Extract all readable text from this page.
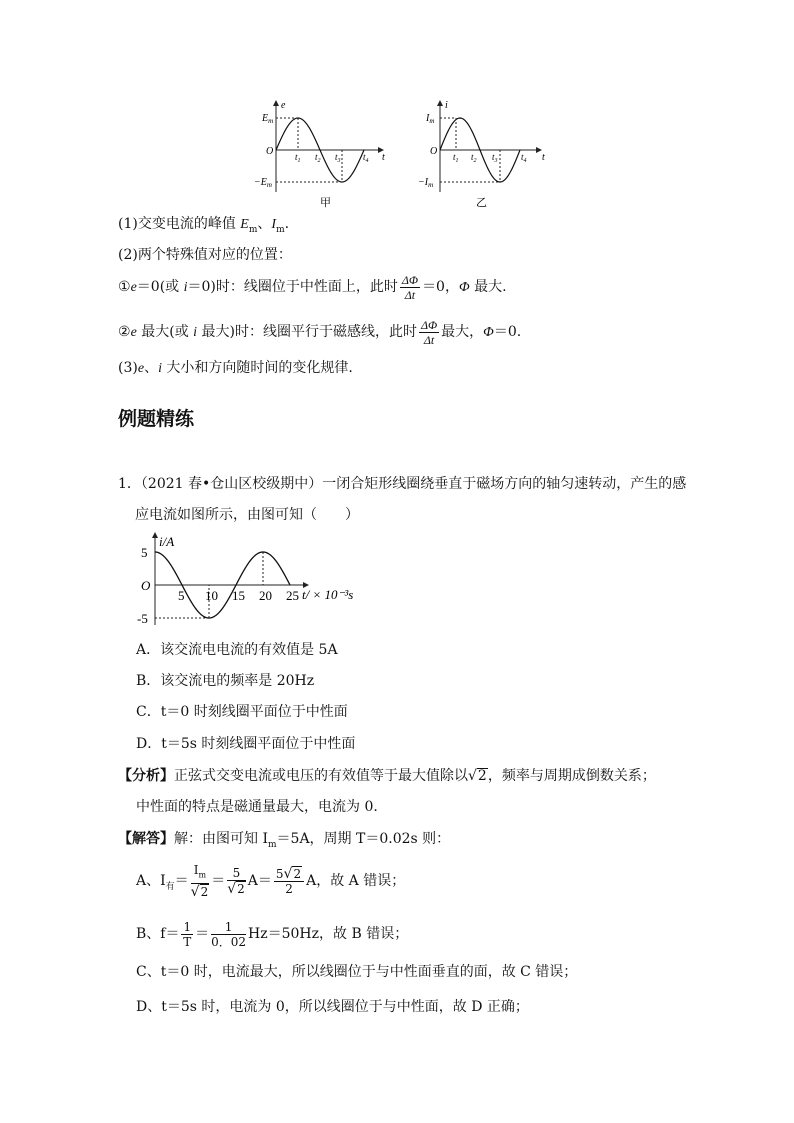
e
O
$E_m$
$-E_m$
t
$t_1$ $t_2$ $t_3$ $t_4$
甲
i
O
$I_m$
$-I_m$
t
$t_1$ $t_2$ $t_3$	$t_4$
乙
(1)交变电流的峰值 $E_m$、$I_m$.
(2)两个特殊值对应的位置：
①e＝0(或 i＝0)时：线圈位于中性面上，此时 $\frac{\Delta\Phi}{\Delta t} =0$，Φ 最大.
②e 最大(或 i 最大)时：线圈平行于磁感线，此时 $\frac{\Delta\Phi}{\Delta t}$ 最大，Φ＝0.
(3)e、i 大小和方向随时间的变化规律.
例题精练
1．（2021 春•仓山区校级期中）一闭合矩形线圈绕垂直于磁场方向的轴匀速转动，产生的感
应电流如图所示，由图可知（　　）
i/A
t/ × 10⁻³s
O
5 10 15 20 25
5
-5
A．该交流电电流的有效值是 5A
B．该交流电的频率是 20Hz
C．t＝0 时刻线圈平面位于中性面
D．t＝5s 时刻线圈平面位于中性面
【分析】正弦式交变电流或电压的有效值等于最大值除以√2，频率与周期成倒数关系；
中性面的特点是磁通量最大，电流为 0.
【解答】解：由图可知 $I_m=5A$，周期 T＝0.02s 则：
A、$I_有= \frac{I_m}{√2} = \frac{5}{√2} A= \frac{5√2}{2}$ A，故 A 错误；
B、$f= \frac{1}{T} = \frac{1}{0.02} Hz=50Hz$，故 B 错误；
C、t＝0 时，电流最大，所以线圈位于与中性面垂直的面，故 C 错误；
D、t＝5s 时，电流为 0，所以线圈位于与中性面，故 D 正确；
